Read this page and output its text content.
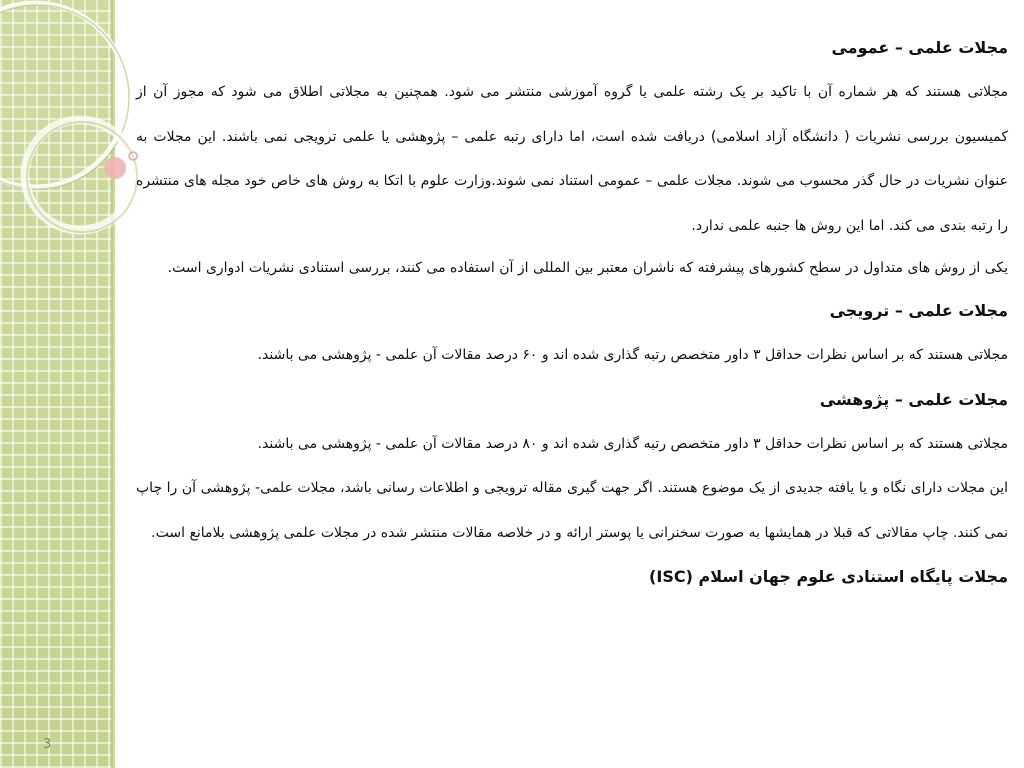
3
مجلات علمی – عمومی

مجلاتی هستند که هر شماره آن با تاکید بر یک رشته علمی یا گروه آموزشی منتشر می شود. همچنین به مجلاتی اطلاق می شود که مجوز آن از کمیسیون بررسی نشریات ( دانشگاه آزاد اسلامی) دریافت شده است، اما دارای رتبه علمی – پژوهشی یا علمی ترویجی نمی باشند. این مجلات به عنوان نشریات در حال گذر محسوب می شوند. مجلات علمی – عمومی استناد نمی شوند.وزارت علوم با اتکا به روش های خاص خود مجله های منتشره را رتبه بندی می کند. اما این روش ها جنبه علمی ندارد.

یکی از روش های متداول در سطح کشورهای پیشرفته که ناشران معتبر بین المللی از آن استفاده می کنند، بررسی استنادی نشریات ادواری است.

مجلات علمی – ترویجی

مجلاتی هستند که بر اساس نظرات حداقل ۳ داور متخصص رتبه گذاری شده اند و ۶۰ درصد مقالات آن علمی - پژوهشی می باشند.

مجلات علمی – پژوهشی

مجلاتی هستند که بر اساس نظرات حداقل ۳ داور متخصص رتبه گذاری شده اند و ۸۰ درصد مقالات آن علمی - پژوهشی می باشند.

این مجلات دارای نگاه و یا یافته جدیدی از یک موضوع هستند. اگر جهت گیری مقاله ترویجی و اطلاعات رسانی باشد، مجلات علمی- پژوهشی آن را چاپ نمی کنند. چاپ مقالاتی که قبلا در همایشها به صورت سخنرانی یا پوستر ارائه و در خلاصه مقالات منتشر شده در مجلات علمی پژوهشی بلامانع است.

مجلات پایگاه استنادی علوم جهان اسلام (ISC)
